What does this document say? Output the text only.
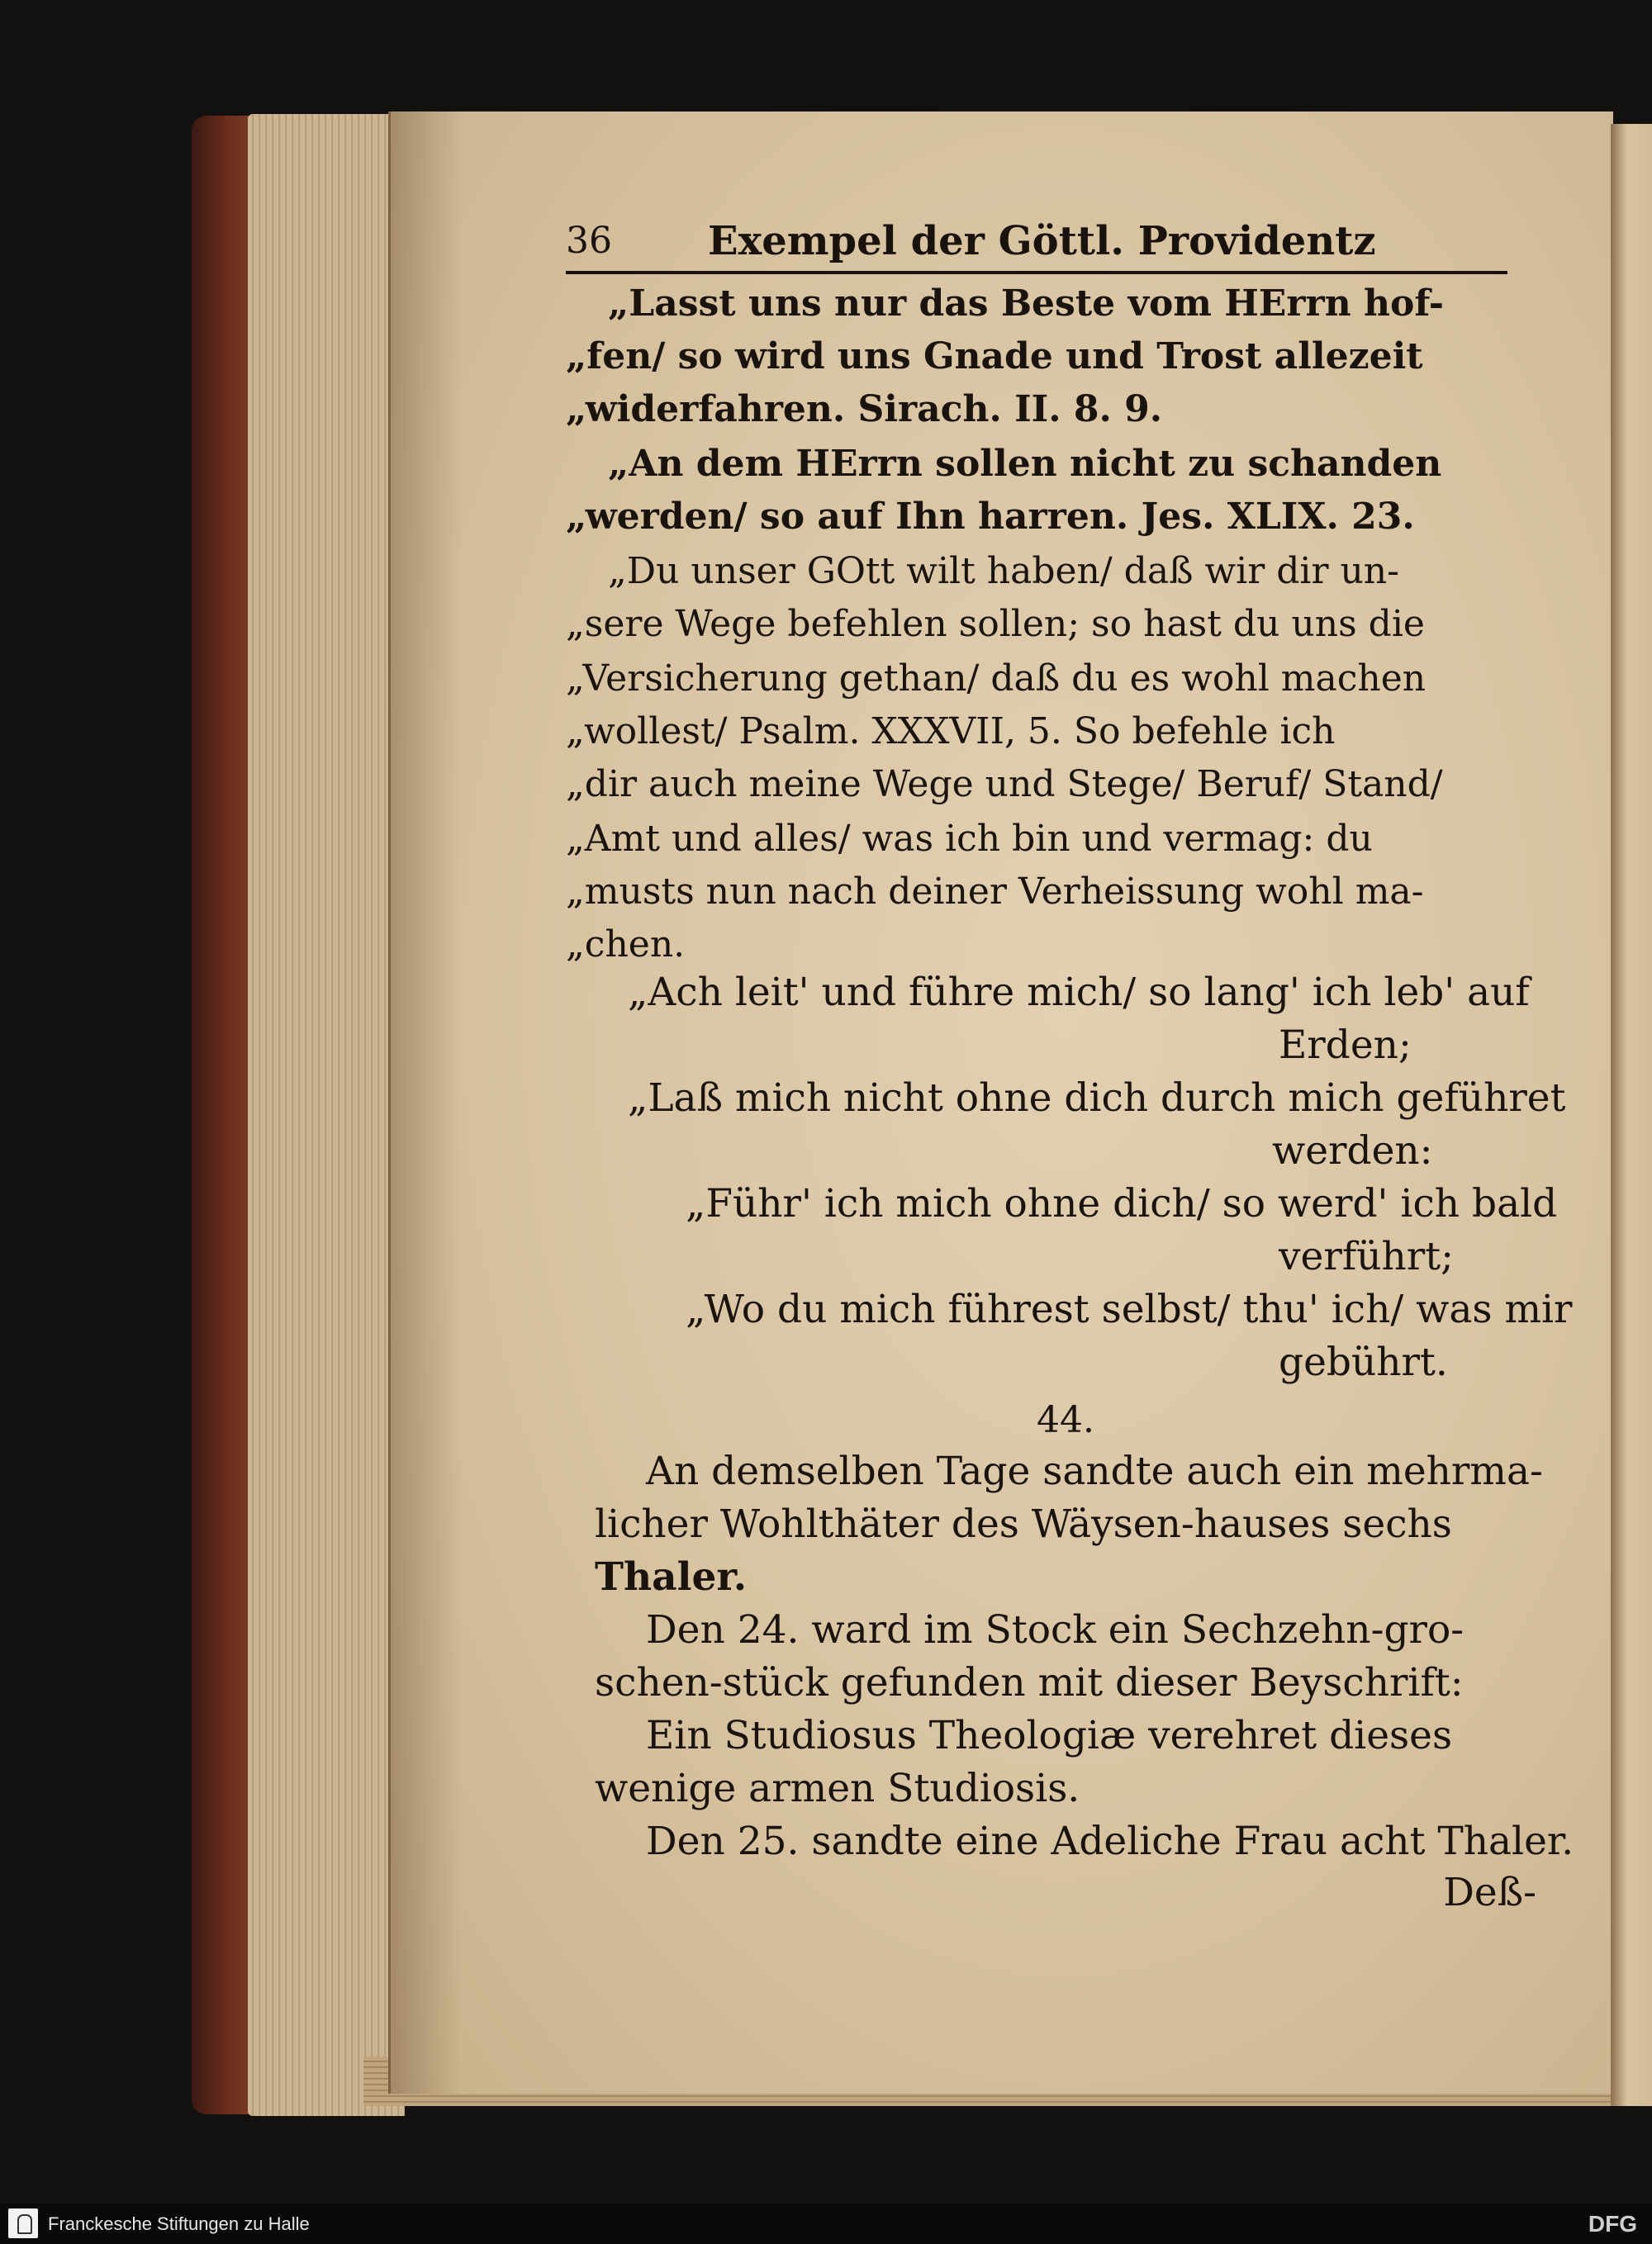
36 Exempel der Göttl. Providentz
„Lasst uns nur das Beste vom HErrn hof-
„fen/ so wird uns Gnade und Trost allezeit
„widerfahren. Sirach. II. 8. 9.
„An dem HErrn sollen nicht zu schanden
„werden/ so auf Ihn harren. Jes. XLIX. 23.
„Du unser GOtt wilt haben/ daß wir dir un-
„sere Wege befehlen sollen; so hast du uns die
„Versicherung gethan/ daß du es wohl machen
„wollest/ Psalm. XXXVII, 5. So befehle ich
„dir auch meine Wege und Stege/ Beruf/ Stand/
„Amt und alles/ was ich bin und vermag: du
„musts nun nach deiner Verheissung wohl ma-
„chen.
„Ach leit' und führe mich/ so lang' ich leb' auf
Erden;
„Laß mich nicht ohne dich durch mich geführet
werden:
„Führ' ich mich ohne dich/ so werd' ich bald
verführt;
„Wo du mich führest selbst/ thu' ich/ was mir
gebührt.
44.
An demselben Tage sandte auch ein mehrma-
licher Wohlthäter des Wäysen-hauses sechs
Thaler.
Den 24. ward im Stock ein Sechzehn-gro-
schen-stück gefunden mit dieser Beyschrift:
Ein Studiosus Theologiæ verehret dieses
wenige armen Studiosis.
Den 25. sandte eine Adeliche Frau acht Thaler.
Deß-
Franckesche Stiftungen zu Halle	DFG
